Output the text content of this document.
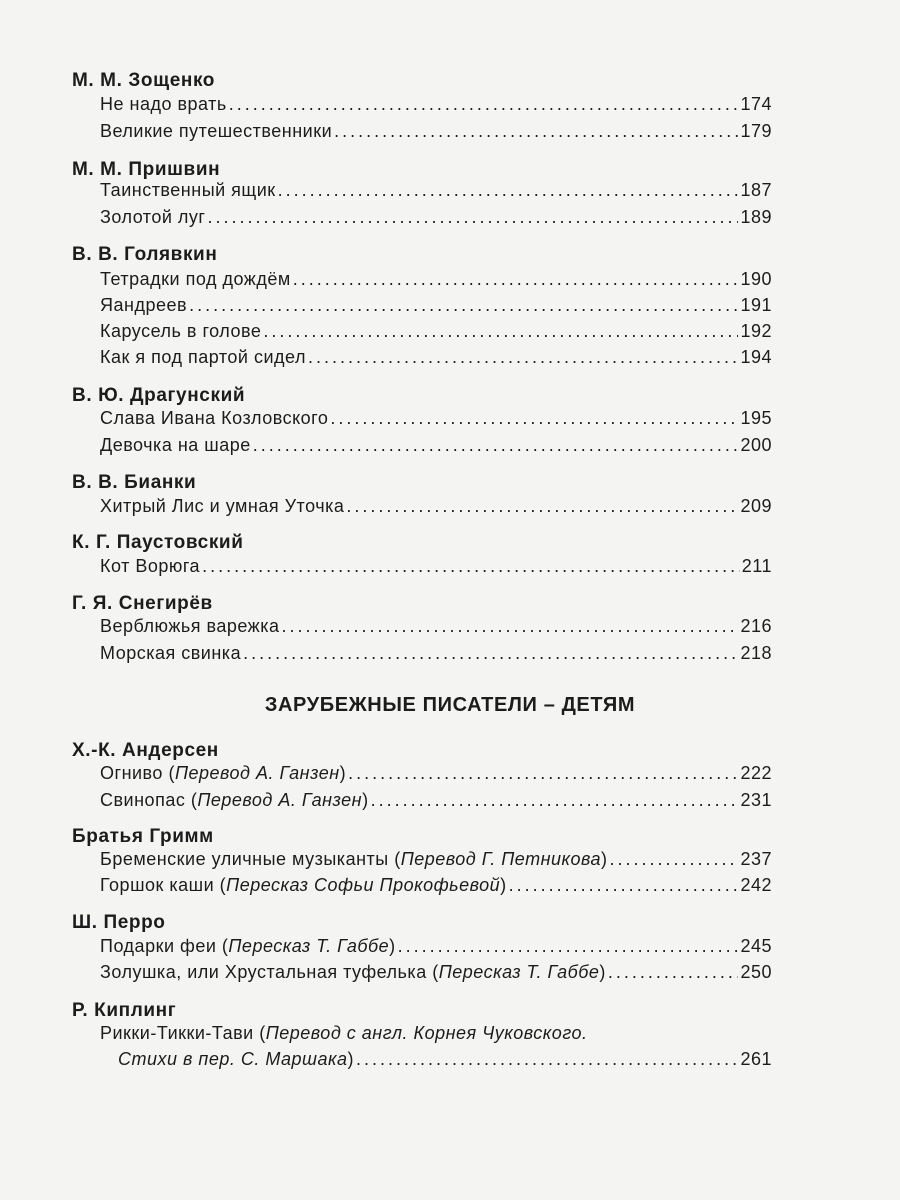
М. М. Зощенко
Не надо врать .....	174
Великие путешественники .....	179
М. М. Пришвин
Таинственный ящик .....	187
Золотой луг .....	189
В. В. Голявкин
Тетрадки под дождём .....	190
Яандреев .....	191
Карусель в голове .....	192
Как я под партой сидел .....	194
В. Ю. Драгунский
Слава Ивана Козловского .....	195
Девочка на шаре .....	200
В. В. Бианки
Хитрый Лис и умная Уточка .....	209
К. Г. Паустовский
Кот Ворюга .....	211
Г. Я. Снегирёв
Верблюжья варежка .....	216
Морская свинка .....	218
ЗАРУБЕЖНЫЕ ПИСАТЕЛИ – ДЕТЯМ
Х.-К. Андерсен
Огниво (Перевод А. Ганзен) .....	222
Свинопас (Перевод А. Ганзен) .....	231
Братья Гримм
Бременские уличные музыканты (Перевод Г. Петникова) .....	237
Горшок каши (Пересказ Софьи Прокофьевой) .....	242
Ш. Перро
Подарки феи (Пересказ Т. Габбе) .....	245
Золушка, или Хрустальная туфелька (Пересказ Т. Габбе) .....	250
Р. Киплинг
Рикки-Тикки-Тави (Перевод с англ. Корнея Чуковского.
Стихи в пер. С. Маршака) .....	261
